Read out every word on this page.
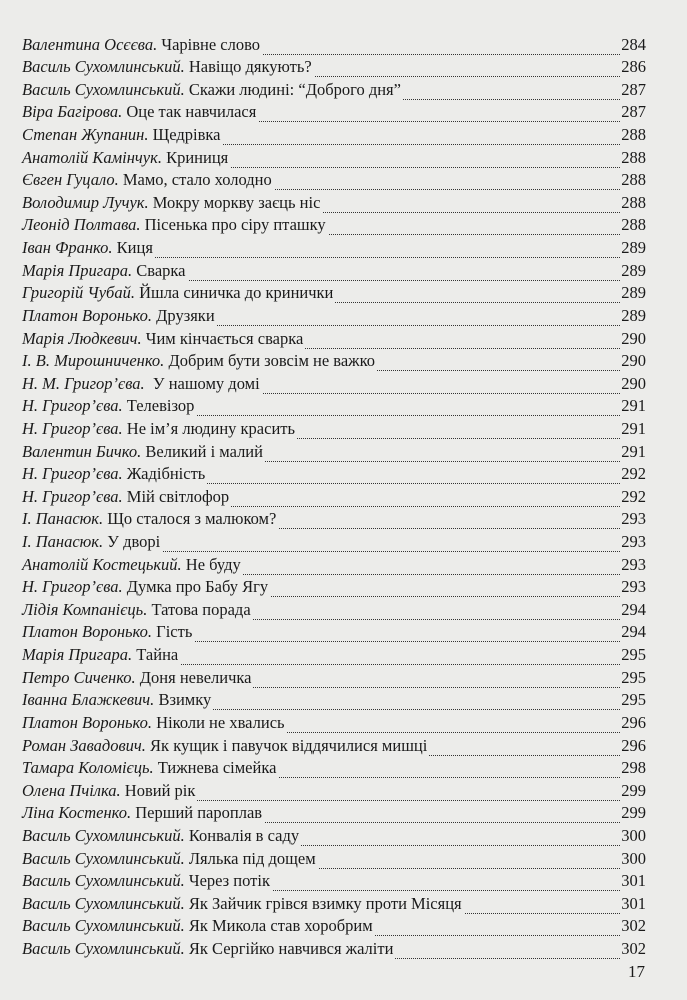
Валентина Осєєва. Чарівне слово	284
Василь Сухомлинський. Навіщо дякують?	286
Василь Сухомлинський. Скажи людині: “Доброго дня”	287
Віра Багірова. Оце так навчилася	287
Степан Жупанин. Щедрівка	288
Анатолій Камінчук. Криниця	288
Євген Гуцало. Мамо, стало холодно	288
Володимир Лучук. Мокру моркву заєць ніс	288
Леонід Полтава. Пісенька про сіру пташку	288
Іван Франко. Киця	289
Марія Пригара. Сварка	289
Григорій Чубай. Йшла синичка до кринички	289
Платон Воронько. Друзяки	289
Марія Людкевич. Чим кінчається сварка	290
І. В. Мирошниченко. Добрим бути зовсім не важко	290
Н. М. Григор’єва.  У нашому домі	290
Н. Григор’єва. Телевізор	291
Н. Григор’єва. Не ім’я людину красить	291
Валентин Бичко. Великий і малий	291
Н. Григор’єва. Жадібність	292
Н. Григор’єва. Мій світлофор	292
І. Панасюк. Що сталося з малюком?	293
І. Панасюк. У дворі	293
Анатолій Костецький. Не буду	293
Н. Григор’єва. Думка про Бабу Ягу	293
Лідія Компанієць. Татова порада	294
Платон Воронько. Гість	294
Марія Пригара. Тайна	295
Петро Сиченко. Доня невеличка	295
Іванна Блажкевич. Взимку	295
Платон Воронько. Ніколи не хвались	296
Роман Завадович. Як кущик і павучок віддячилися мишці	296
Тамара Коломієць. Тижнева сімейка	298
Олена Пчілка. Новий рік	299
Ліна Костенко. Перший пароплав	299
Василь Сухомлинський. Конвалія в саду	300
Василь Сухомлинський. Лялька під дощем	300
Василь Сухомлинський. Через потік	301
Василь Сухомлинський. Як Зайчик грівся взимку проти Місяця	301
Василь Сухомлинський. Як Микола став хоробрим	302
Василь Сухомлинський. Як Сергійко навчився жаліти	302
17
